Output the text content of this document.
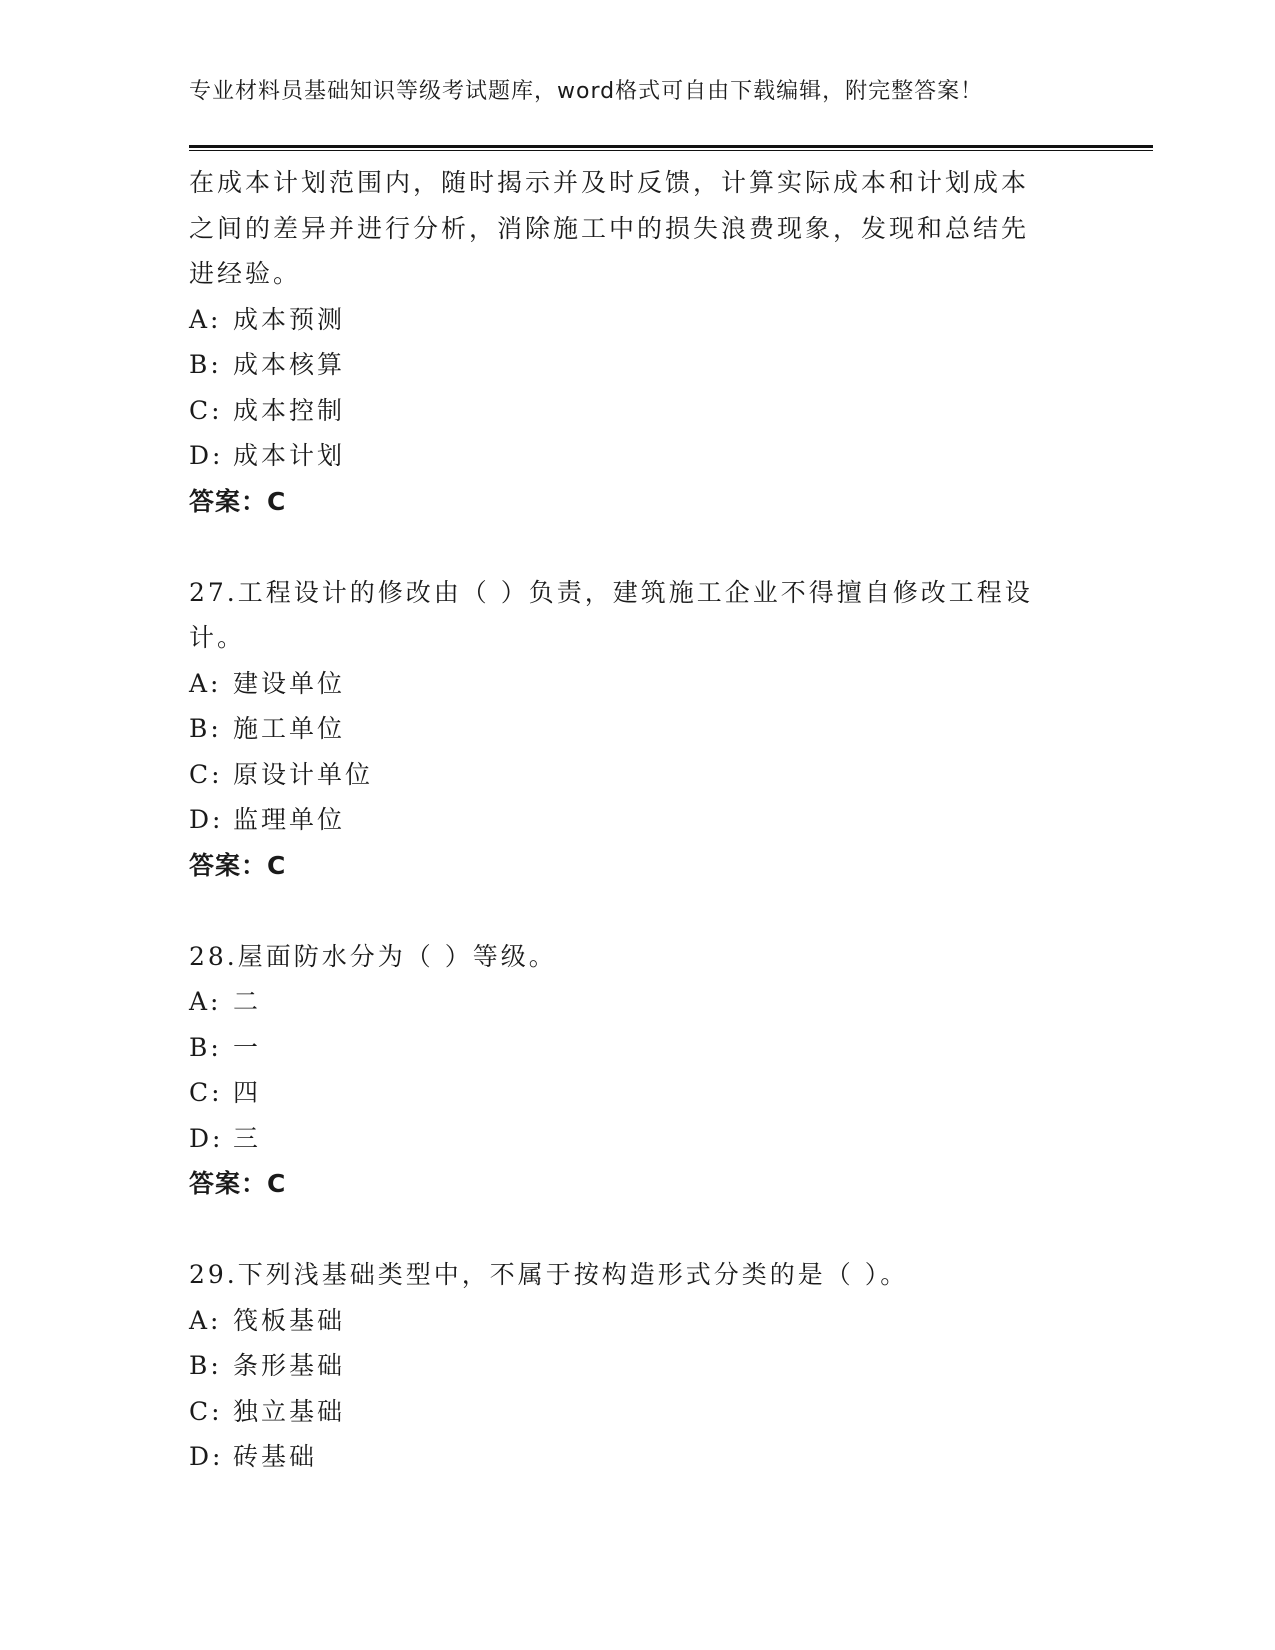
专业材料员基础知识等级考试题库，word格式可自由下载编辑，附完整答案！
在成本计划范围内，随时揭示并及时反馈，计算实际成本和计划成本
之间的差异并进行分析，消除施工中的损失浪费现象，发现和总结先
进经验。
A: 成本预测
B: 成本核算
C: 成本控制
D: 成本计划
答案：C
27.工程设计的修改由（ ）负责，建筑施工企业不得擅自修改工程设
计。
A: 建设单位
B: 施工单位
C: 原设计单位
D: 监理单位
答案：C
28.屋面防水分为（ ）等级。
A: 二
B: 一
C: 四
D: 三
答案：C
29.下列浅基础类型中，不属于按构造形式分类的是（ ）。
A: 筏板基础
B: 条形基础
C: 独立基础
D: 砖基础
